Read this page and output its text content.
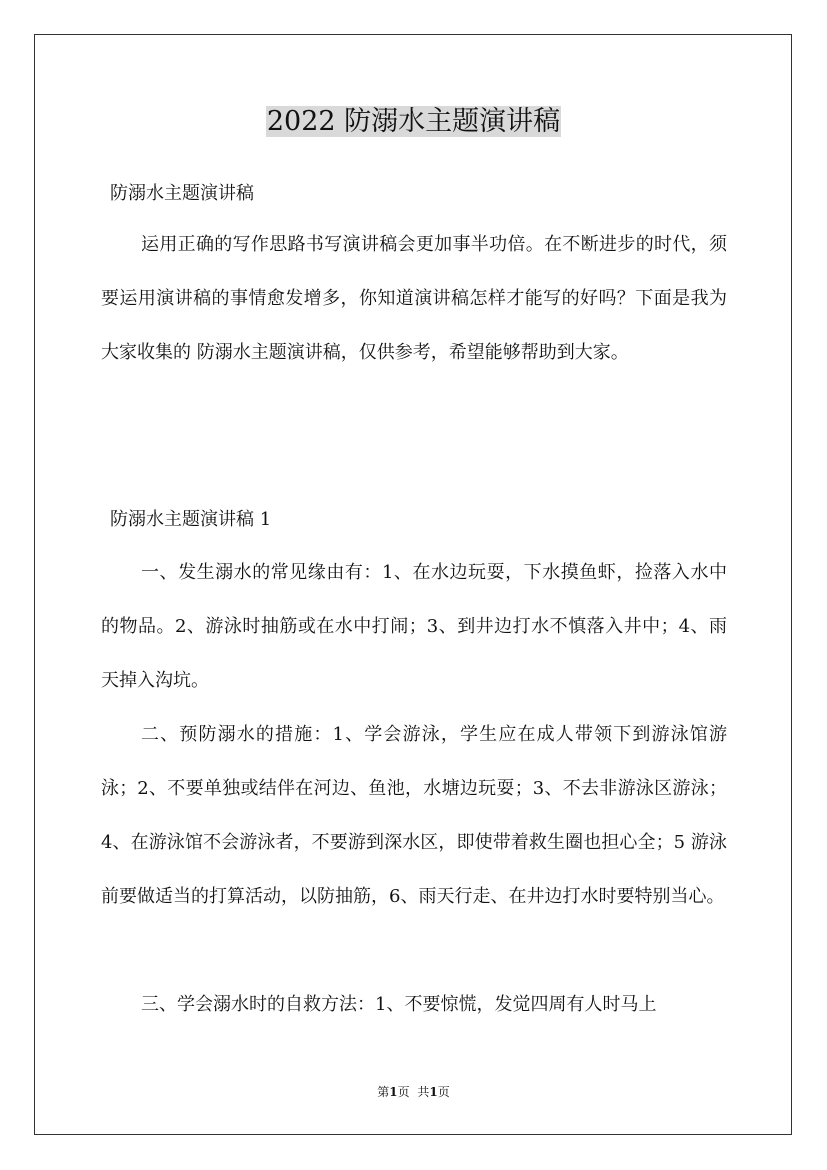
2022 防溺水主题演讲稿
防溺水主题演讲稿

运用正确的写作思路书写演讲稿会更加事半功倍。在不断进步的时代，须要运用演讲稿的事情愈发增多，你知道演讲稿怎样才能写的好吗？下面是我为大家收集的 防溺水主题演讲稿，仅供参考，希望能够帮助到大家。

防溺水主题演讲稿 1

一、发生溺水的常见缘由有：1、在水边玩耍，下水摸鱼虾，捡落入水中的物品。2、游泳时抽筋或在水中打闹；3、到井边打水不慎落入井中；4、雨天掉入沟坑。

二、预防溺水的措施：1、学会游泳，学生应在成人带领下到游泳馆游泳；2、不要单独或结伴在河边、鱼池，水塘边玩耍；3、不去非游泳区游泳；4、在游泳馆不会游泳者，不要游到深水区，即使带着救生圈也担心全；5 游泳前要做适当的打算活动，以防抽筋，6、雨天行走、在井边打水时要特别当心。

三、学会溺水时的自救方法：1、不要惊慌，发觉四周有人时马上

第1页 共1页
